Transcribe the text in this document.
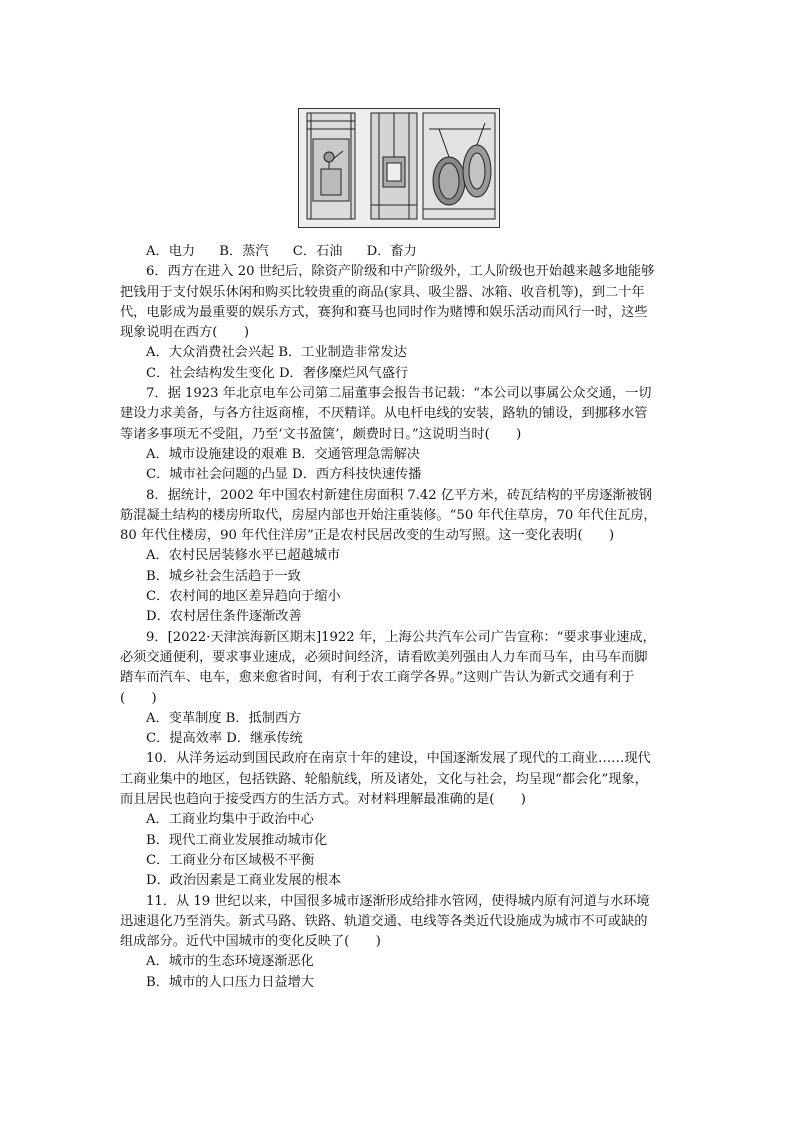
A．电力 B．蒸汽 C．石油 D．畜力
6．西方在进入 20 世纪后，除资产阶级和中产阶级外，工人阶级也开始越来越多地能够
把钱用于支付娱乐休闲和购买比较贵重的商品(家具、吸尘器、冰箱、收音机等)，到二十年
代，电影成为最重要的娱乐方式，赛狗和赛马也同时作为赌博和娱乐活动而风行一时，这些
现象说明在西方(　　)
A．大众消费社会兴起 B．工业制造非常发达
C．社会结构发生变化 D．奢侈糜烂风气盛行
7．据 1923 年北京电车公司第二届董事会报告书记载：“本公司以事属公众交通，一切
建设力求美备，与各方往返商榷，不厌精详。从电杆电线的安装，路轨的铺设，到挪移水管
等诸多事项无不受阻，乃至‘文书盈箧’，颇费时日。”这说明当时(　　)
A．城市设施建设的艰难 B．交通管理急需解决
C．城市社会问题的凸显 D．西方科技快速传播
8．据统计，2002 年中国农村新建住房面积 7.42 亿平方米，砖瓦结构的平房逐渐被钢
筋混凝土结构的楼房所取代，房屋内部也开始注重装修。“50 年代住草房，70 年代住瓦房，
80 年代住楼房，90 年代住洋房”正是农村民居改变的生动写照。这一变化表明(　　)
A．农村民居装修水平已超越城市
B．城乡社会生活趋于一致
C．农村间的地区差异趋向于缩小
D．农村居住条件逐渐改善
9．[2022·天津滨海新区期末]1922 年，上海公共汽车公司广告宣称：“要求事业速成，
必须交通便利，要求事业速成，必须时间经济，请看欧美列强由人力车而马车，由马车而脚
踏车而汽车、电车，愈来愈省时间，有利于农工商学各界。”这则广告认为新式交通有利于
(　　)
A．变革制度 B．抵制西方
C．提高效率 D．继承传统
10．从洋务运动到国民政府在南京十年的建设，中国逐渐发展了现代的工商业……现代
工商业集中的地区，包括铁路、轮船航线，所及诸处，文化与社会，均呈现“都会化”现象，
而且居民也趋向于接受西方的生活方式。对材料理解最准确的是(　　)
A．工商业均集中于政治中心
B．现代工商业发展推动城市化
C．工商业分布区域极不平衡
D．政治因素是工商业发展的根本
11．从 19 世纪以来，中国很多城市逐渐形成给排水管网，使得城内原有河道与水环境
迅速退化乃至消失。新式马路、铁路、轨道交通、电线等各类近代设施成为城市不可或缺的
组成部分。近代中国城市的变化反映了(　　)
A．城市的生态环境逐渐恶化
B．城市的人口压力日益增大
